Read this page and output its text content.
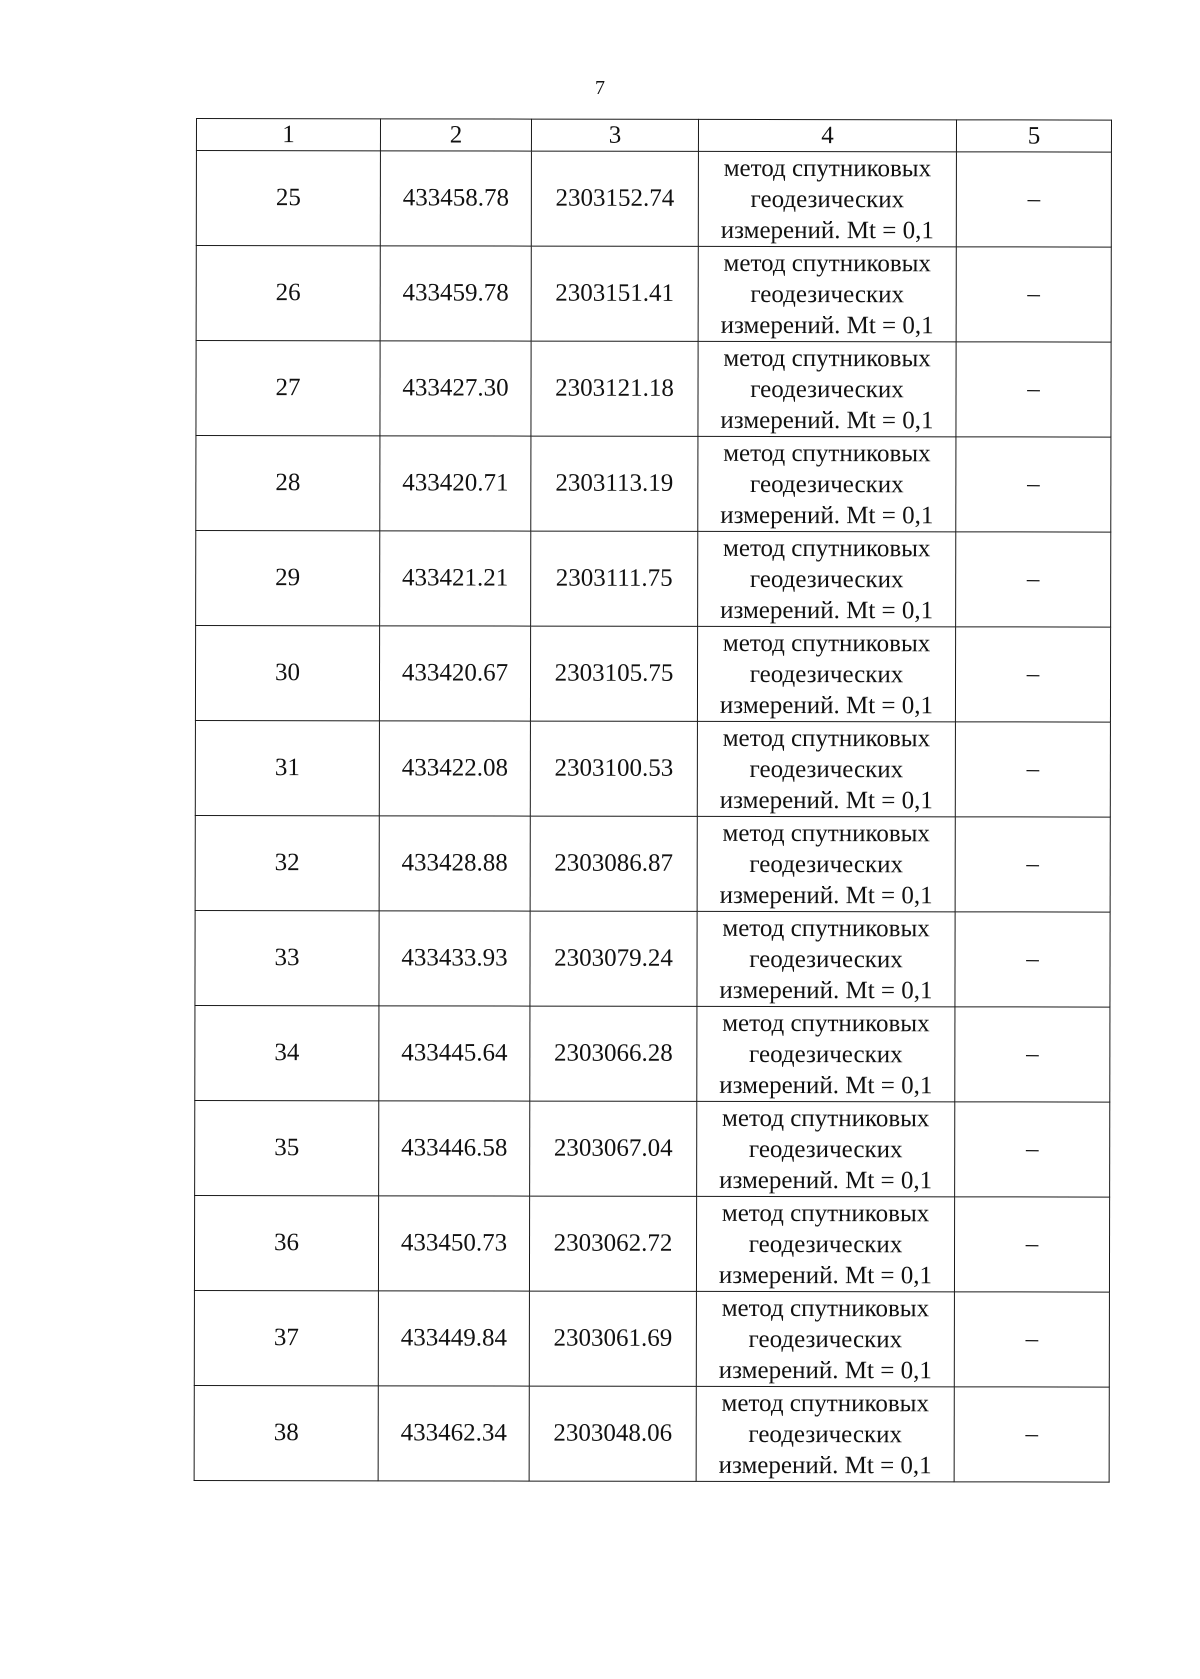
7
1	2	3	4	5
25	433458.78	2303152.74	метод спутниковых
геодезических
измерений. Mt = 0,1	–
26	433459.78	2303151.41	метод спутниковых
геодезических
измерений. Mt = 0,1	–
27	433427.30	2303121.18	метод спутниковых
геодезических
измерений. Mt = 0,1	–
28	433420.71	2303113.19	метод спутниковых
геодезических
измерений. Mt = 0,1	–
29	433421.21	2303111.75	метод спутниковых
геодезических
измерений. Mt = 0,1	–
30	433420.67	2303105.75	метод спутниковых
геодезических
измерений. Mt = 0,1	–
31	433422.08	2303100.53	метод спутниковых
геодезических
измерений. Mt = 0,1	–
32	433428.88	2303086.87	метод спутниковых
геодезических
измерений. Mt = 0,1	–
33	433433.93	2303079.24	метод спутниковых
геодезических
измерений. Mt = 0,1	–
34	433445.64	2303066.28	метод спутниковых
геодезических
измерений. Mt = 0,1	–
35	433446.58	2303067.04	метод спутниковых
геодезических
измерений. Mt = 0,1	–
36	433450.73	2303062.72	метод спутниковых
геодезических
измерений. Mt = 0,1	–
37	433449.84	2303061.69	метод спутниковых
геодезических
измерений. Mt = 0,1	–
38	433462.34	2303048.06	метод спутниковых
геодезических
измерений. Mt = 0,1	–
